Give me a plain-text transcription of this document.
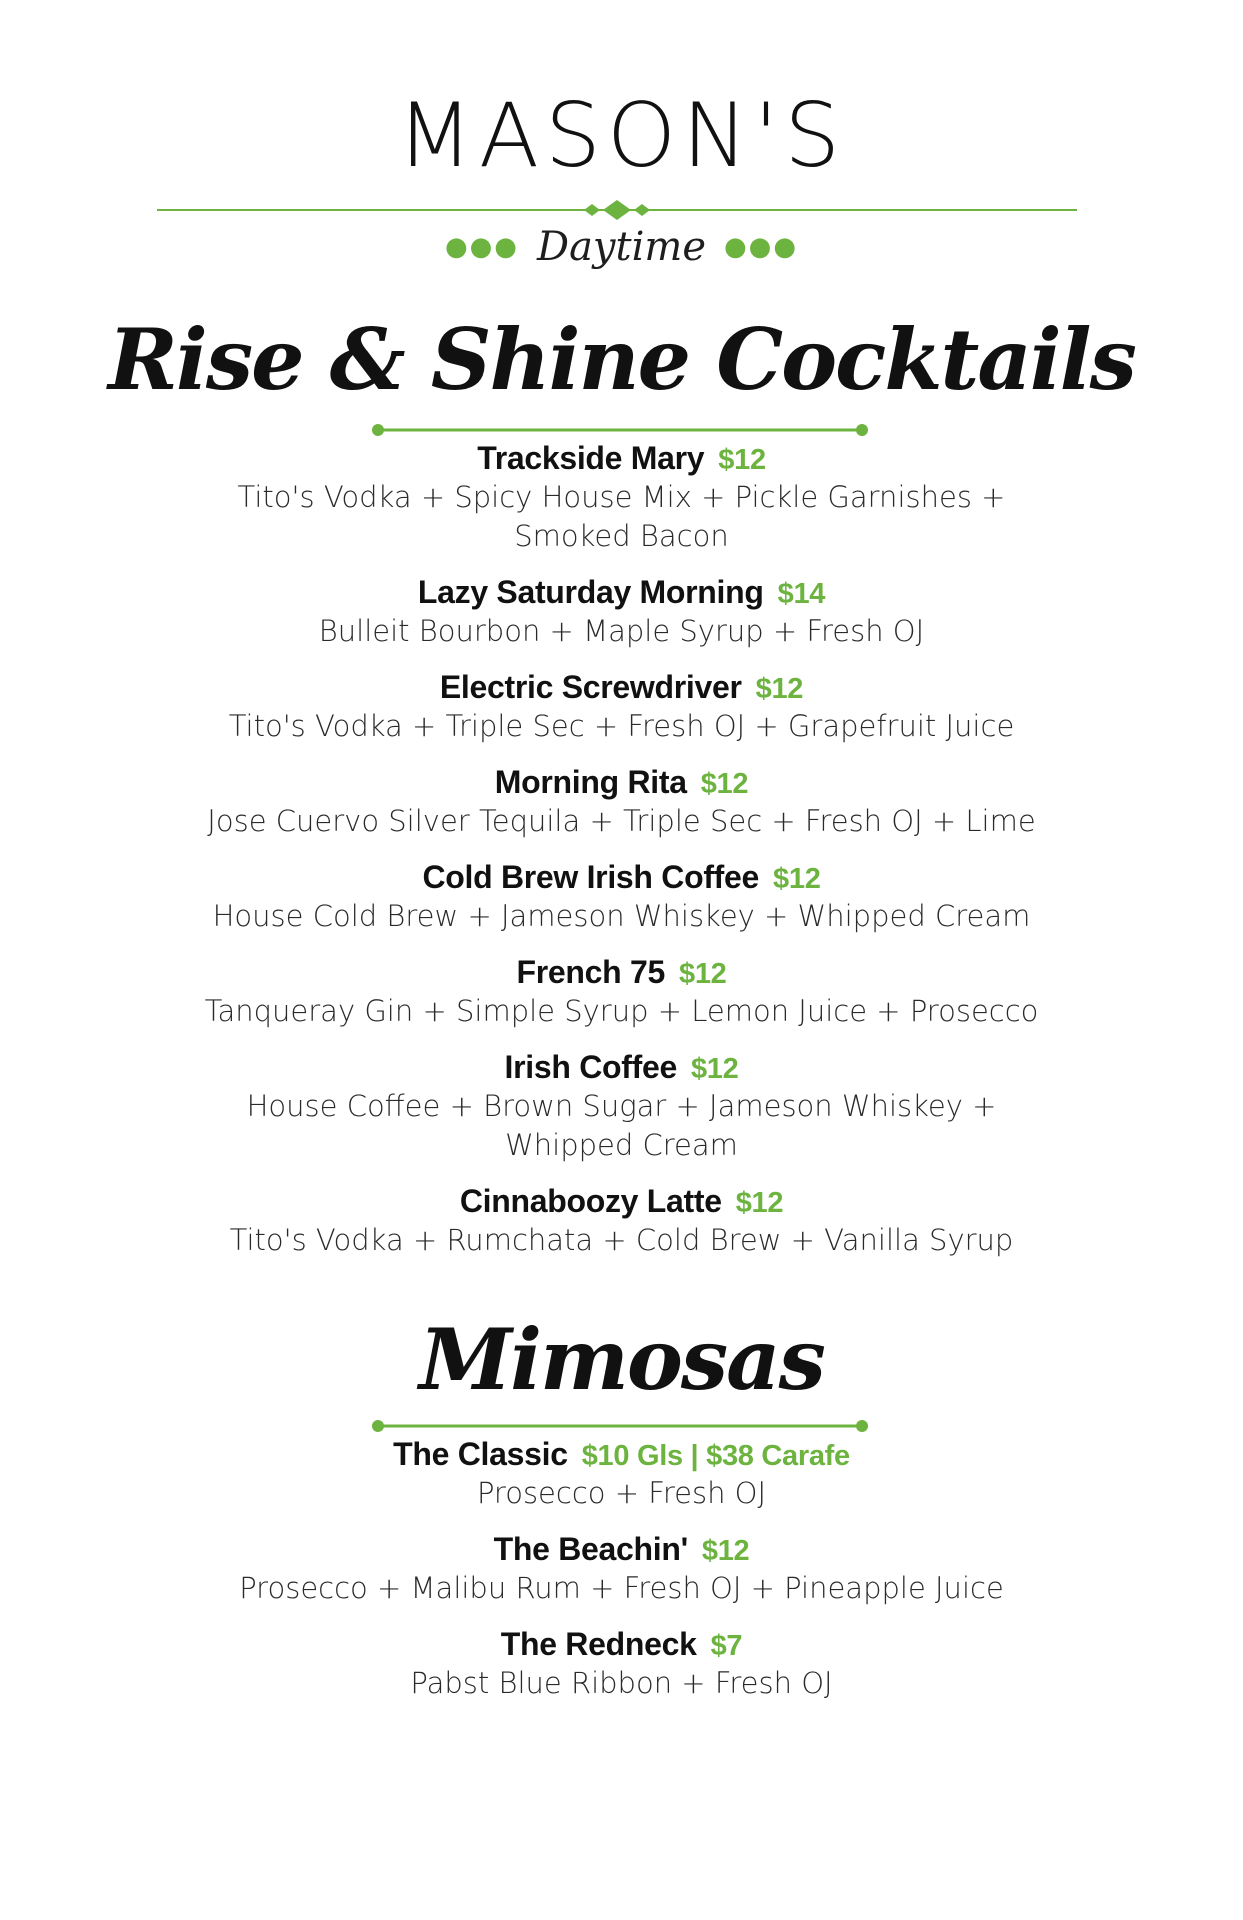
MASON'S
●●● Daytime ●●●
Rise & Shine Cocktails
Trackside Mary $12
Tito's Vodka + Spicy House Mix + Pickle Garnishes + Smoked Bacon
Lazy Saturday Morning $14
Bulleit Bourbon + Maple Syrup + Fresh OJ
Electric Screwdriver $12
Tito's Vodka + Triple Sec + Fresh OJ + Grapefruit Juice
Morning Rita $12
Jose Cuervo Silver Tequila + Triple Sec + Fresh OJ + Lime
Cold Brew Irish Coffee $12
House Cold Brew + Jameson Whiskey + Whipped Cream
French 75 $12
Tanqueray Gin + Simple Syrup + Lemon Juice + Prosecco
Irish Coffee $12
House Coffee + Brown Sugar + Jameson Whiskey + Whipped Cream
Cinnaboozy Latte $12
Tito's Vodka + Rumchata + Cold Brew + Vanilla Syrup
Mimosas
The Classic $10 Gls | $38 Carafe
Prosecco + Fresh OJ
The Beachin' $12
Prosecco + Malibu Rum + Fresh OJ + Pineapple Juice
The Redneck $7
Pabst Blue Ribbon + Fresh OJ
